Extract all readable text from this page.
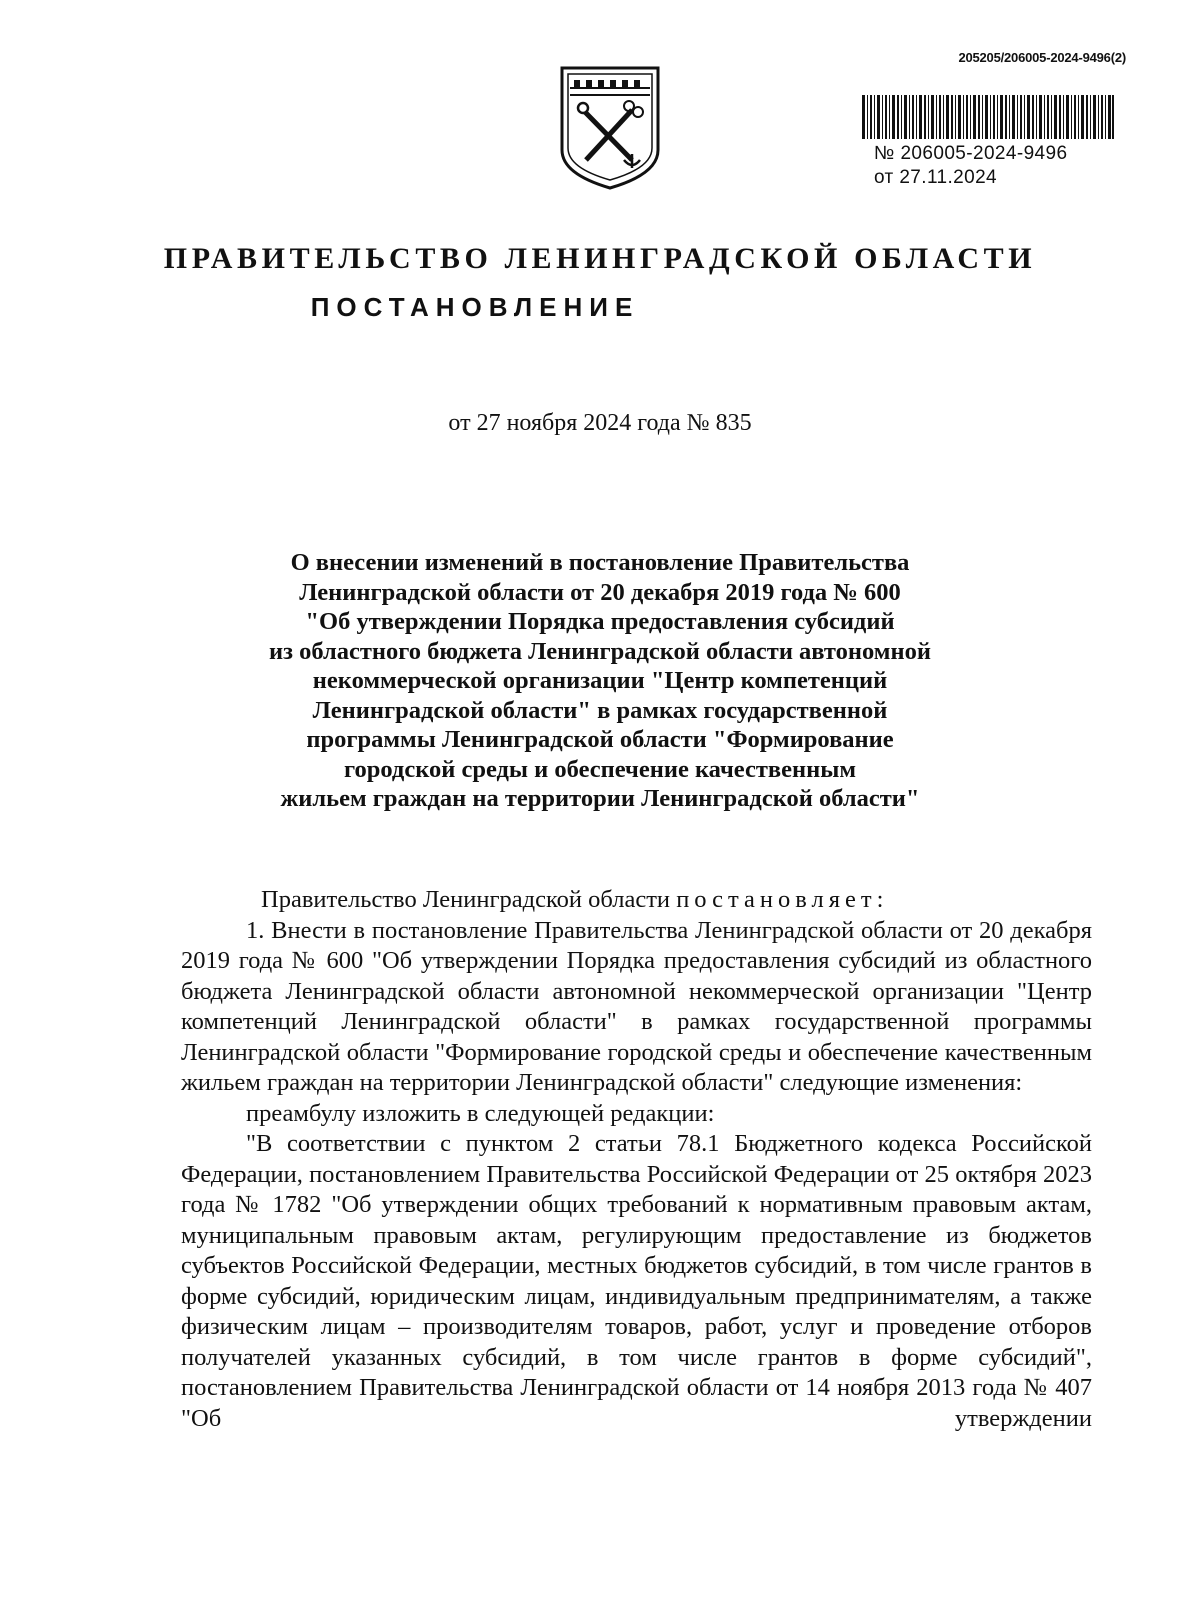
205205/206005-2024-9496(2)
№ 206005-2024-9496
от 27.11.2024
ПРАВИТЕЛЬСТВО ЛЕНИНГРАДСКОЙ ОБЛАСТИ
ПОСТАНОВЛЕНИЕ
от 27 ноября 2024 года № 835
О внесении изменений в постановление Правительства
Ленинградской области от 20 декабря 2019 года № 600
"Об утверждении Порядка предоставления субсидий
из областного бюджета Ленинградской области автономной
некоммерческой организации "Центр компетенций
Ленинградской области" в рамках государственной
программы Ленинградской области "Формирование
городской среды и обеспечение качественным
жильем граждан на территории Ленинградской области"

Правительство Ленинградской области постановляет:

1. Внести в постановление Правительства Ленинградской области от 20 декабря 2019 года № 600 "Об утверждении Порядка предоставления субсидий из областного бюджета Ленинградской области автономной некоммерческой организации "Центр компетенций Ленинградской области" в рамках государственной программы Ленинградской области "Формирование городской среды и обеспечение качественным жильем граждан на территории Ленинградской области" следующие изменения:

преамбулу изложить в следующей редакции:

"В соответствии с пунктом 2 статьи 78.1 Бюджетного кодекса Российской Федерации, постановлением Правительства Российской Федерации от 25 октября 2023 года № 1782 "Об утверждении общих требований к нормативным правовым актам, муниципальным правовым актам, регулирующим предоставление из бюджетов субъектов Российской Федерации, местных бюджетов субсидий, в том числе грантов в форме субсидий, юридическим лицам, индивидуальным предпринимателям, а также физическим лицам – производителям товаров, работ, услуг и проведение отборов получателей указанных субсидий, в том числе грантов в форме субсидий", постановлением Правительства Ленинградской области от 14 ноября 2013 года № 407 "Об утверждении
